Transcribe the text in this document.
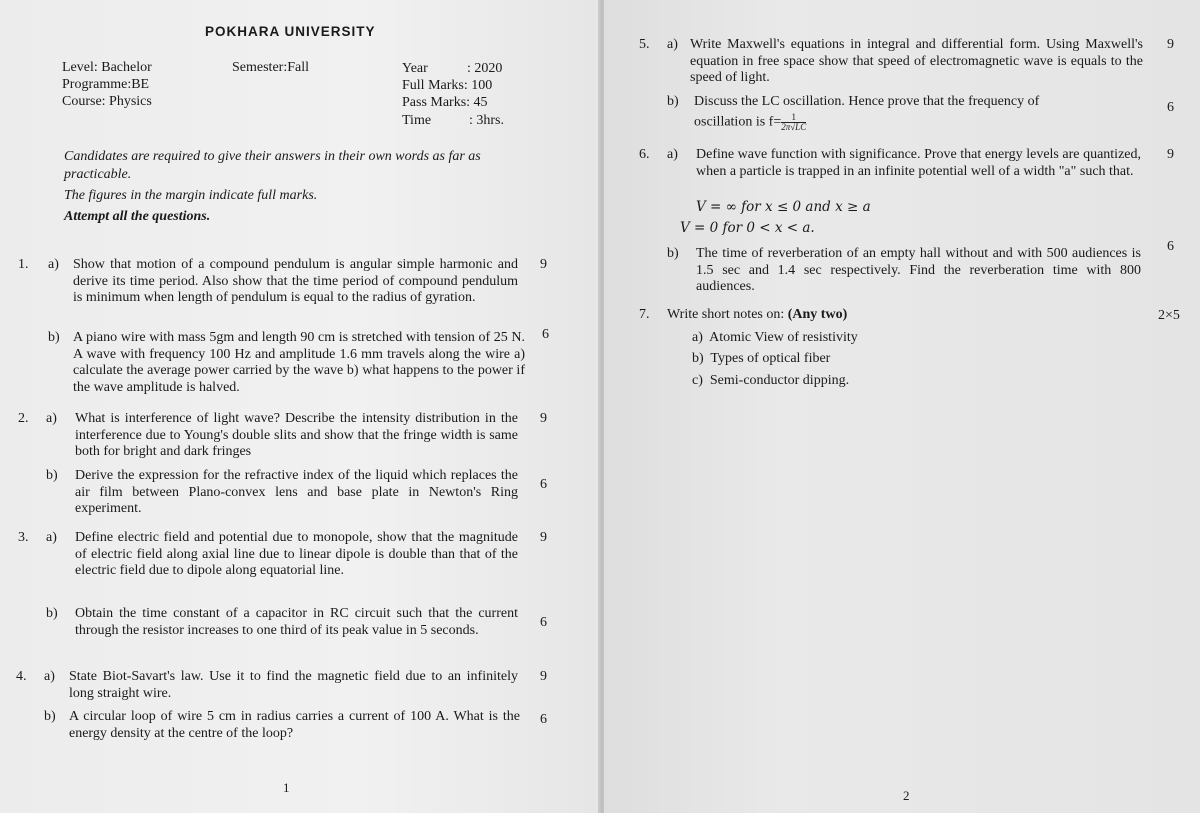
POKHARA UNIVERSITY
Level: Bachelor	Semester:Fall
Programme:BE
Course: Physics
Year	: 2020
Full Marks: 100
Pass Marks: 45
Time	: 3hrs.
Candidates are required to give their answers in their own words as far as practicable.
The figures in the margin indicate full marks.
Attempt all the questions.
1. a) Show that motion of a compound pendulum is angular simple harmonic and derive its time period. Also show that the time period of compound pendulum is minimum when length of pendulum is equal to the radius of gyration.
9
b) A piano wire with mass 5gm and length 90 cm is stretched with tension of 25 N. A wave with frequency 100 Hz and amplitude 1.6 mm travels along the wire a) calculate the average power carried by the wave b) what happens to the power if the wave amplitude is halved.
6
2. a) What is interference of light wave? Describe the intensity distribution in the interference due to Young's double slits and show that the fringe width is same both for bright and dark fringes
9
b) Derive the expression for the refractive index of the liquid which replaces the air film between Plano-convex lens and base plate in Newton's Ring experiment.
6
3. a) Define electric field and potential due to monopole, show that the magnitude of electric field along axial line due to linear dipole is double than that of the electric field due to dipole along equatorial line.
9
b) Obtain the time constant of a capacitor in RC circuit such that the current through the resistor increases to one third of its peak value in 5 seconds.	6
4. a) State Biot-Savart's law. Use it to find the magnetic field due to an infinitely long straight wire.
9
b) A circular loop of wire 5 cm in radius carries a current of 100 A. What is the energy density at the centre of the loop?
6
1
5. a) Write Maxwell's equations in integral and differential form. Using Maxwell's equation in free space show that speed of electromagnetic wave is equals to the speed of light.
9
b) Discuss the LC oscillation. Hence prove that the frequency of
oscillation is $f= \frac{1}{2\pi√LC}$
6
6. a) Define wave function with significance. Prove that energy levels are quantized, when a particle is trapped in an infinite potential well of a width "a" such that.
V = ∞ for x ≤ 0 and x ≥ a
V = 0 for 0 < x < a.
9
b) The time of reverberation of an empty hall without and with 500 audiences is 1.5 sec and 1.4 sec respectively. Find the reverberation time with 800 audiences.
6
7. Write short notes on: (Any two)	2×5
a) Atomic View of resistivity
b) Types of optical fiber
c) Semi-conductor dipping.
2
